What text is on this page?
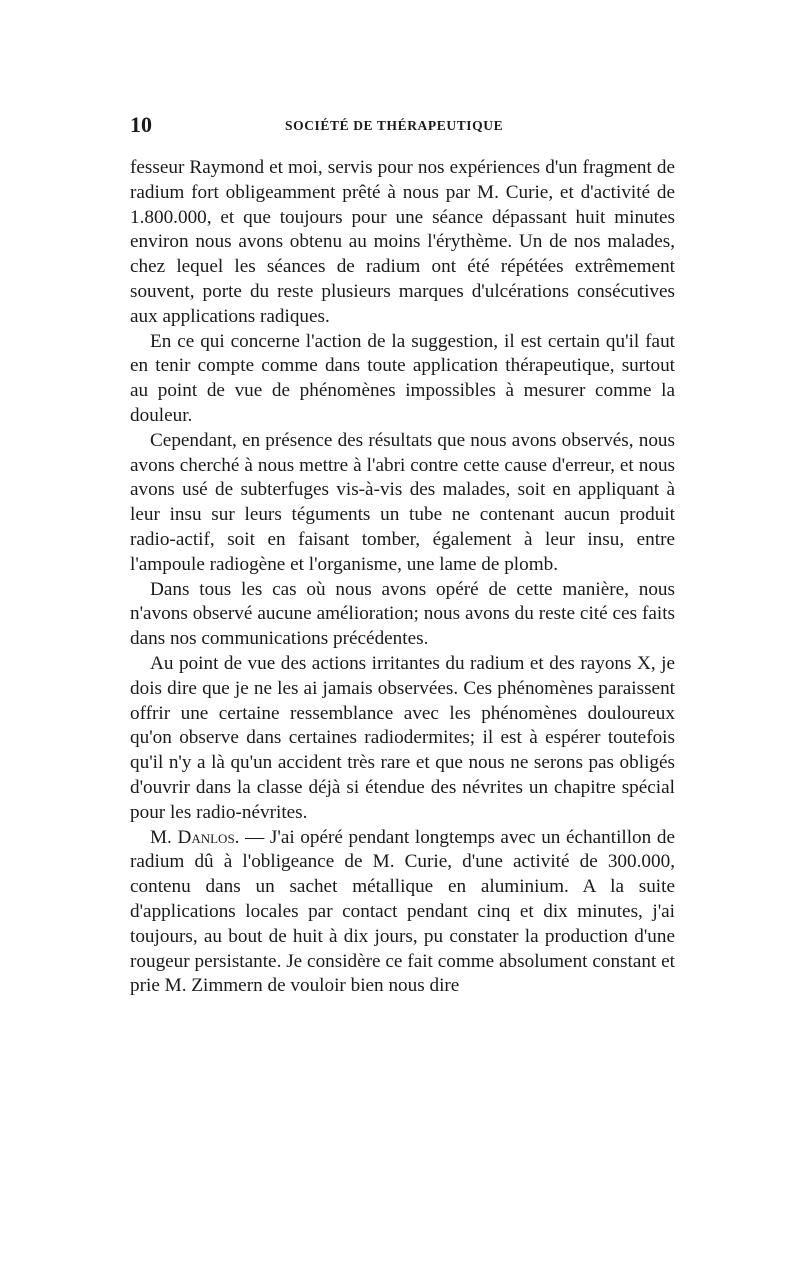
10	SOCIÉTÉ DE THÉRAPEUTIQUE

fesseur Raymond et moi, servis pour nos expériences d'un fragment de radium fort obligeamment prêté à nous par M. Curie, et d'activité de 1.800.000, et que toujours pour une séance dépassant huit minutes environ nous avons obtenu au moins l'érythème. Un de nos malades, chez lequel les séances de radium ont été répétées extrêmement souvent, porte du reste plusieurs marques d'ulcérations consécutives aux applications radiques.

En ce qui concerne l'action de la suggestion, il est certain qu'il faut en tenir compte comme dans toute application thérapeutique, surtout au point de vue de phénomènes impossibles à mesurer comme la douleur.

Cependant, en présence des résultats que nous avons observés, nous avons cherché à nous mettre à l'abri contre cette cause d'erreur, et nous avons usé de subterfuges vis-à-vis des malades, soit en appliquant à leur insu sur leurs téguments un tube ne contenant aucun produit radio-actif, soit en faisant tomber, également à leur insu, entre l'ampoule radiogène et l'organisme, une lame de plomb.

Dans tous les cas où nous avons opéré de cette manière, nous n'avons observé aucune amélioration; nous avons du reste cité ces faits dans nos communications précédentes.

Au point de vue des actions irritantes du radium et des rayons X, je dois dire que je ne les ai jamais observées. Ces phénomènes paraissent offrir une certaine ressemblance avec les phénomènes douloureux qu'on observe dans certaines radiodermites; il est à espérer toutefois qu'il n'y a là qu'un accident très rare et que nous ne serons pas obligés d'ouvrir dans la classe déjà si étendue des névrites un chapitre spécial pour les radio-névrites.

M. Danlos. — J'ai opéré pendant longtemps avec un échantillon de radium dû à l'obligeance de M. Curie, d'une activité de 300.000, contenu dans un sachet métallique en aluminium. A la suite d'applications locales par contact pendant cinq et dix minutes, j'ai toujours, au bout de huit à dix jours, pu constater la production d'une rougeur persistante. Je considère ce fait comme absolument constant et prie M. Zimmern de vouloir bien nous dire
